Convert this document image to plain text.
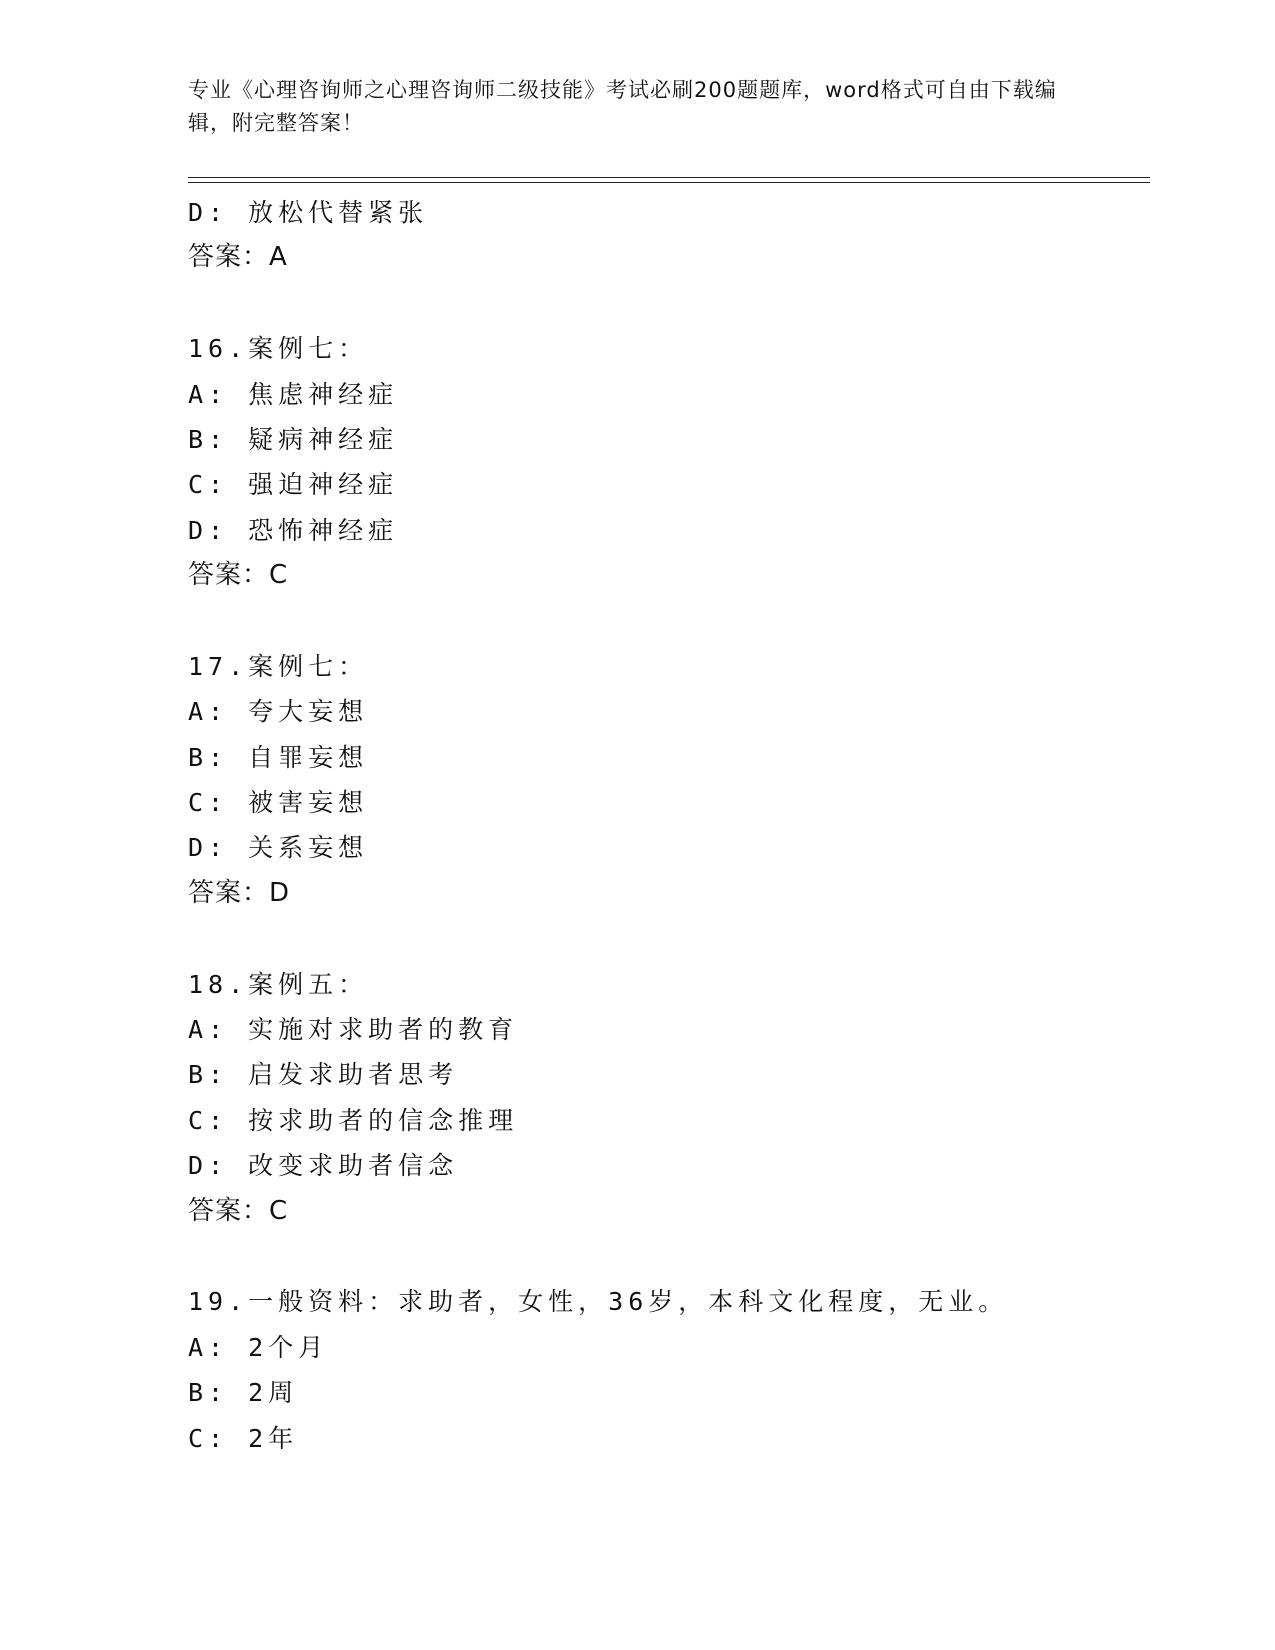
专业《心理咨询师之心理咨询师二级技能》考试必刷200题题库，word格式可自由下载编辑，附完整答案！
D: 放松代替紧张
答案：A
16.案例七：
A: 焦虑神经症
B: 疑病神经症
C: 强迫神经症
D: 恐怖神经症
答案：C
17.案例七：
A: 夸大妄想
B: 自罪妄想
C: 被害妄想
D: 关系妄想
答案：D
18.案例五：
A: 实施对求助者的教育
B: 启发求助者思考
C: 按求助者的信念推理
D: 改变求助者信念
答案：C
19.一般资料：求助者，女性，36岁，本科文化程度，无业。
A: 2个月
B: 2周
C: 2年
